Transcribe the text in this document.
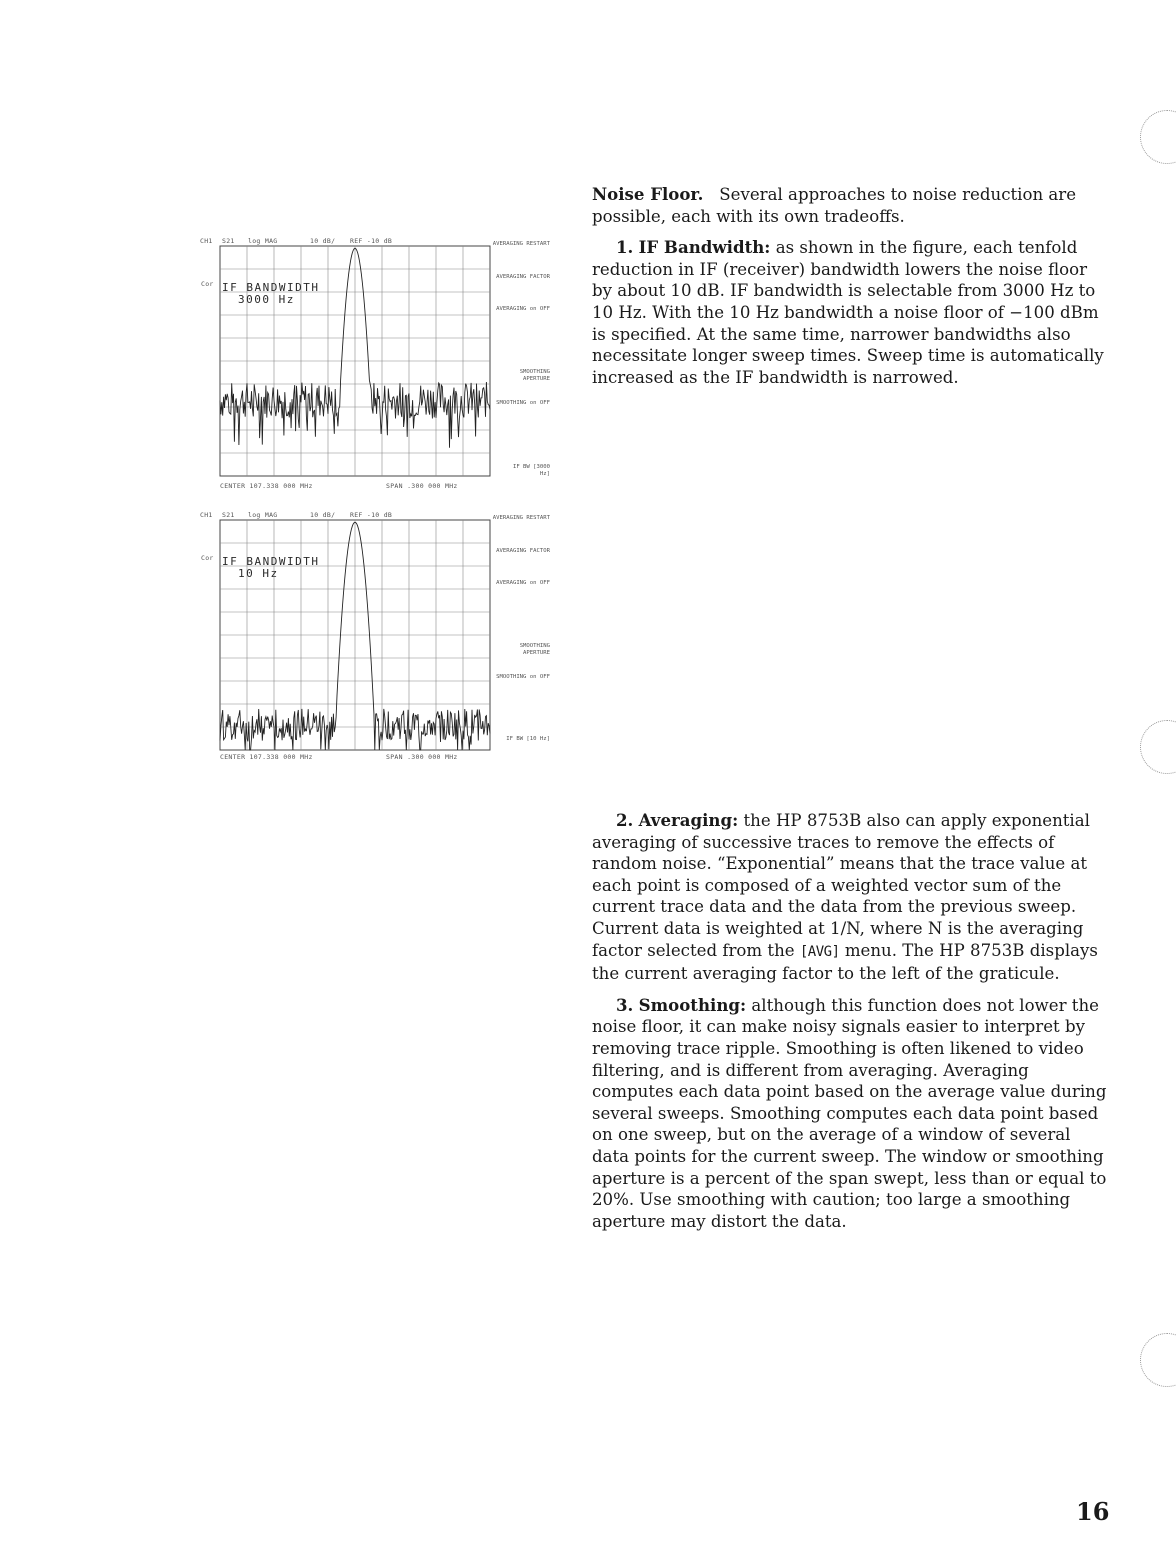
CH1 S21 log MAG	10 dB/ REF -10 dB
Cor IF BANDWIDTH
3000 Hz
CENTER 107.338 000 MHz	SPAN .300 000 MHz
AVERAGING RESTART
AVERAGING FACTOR
AVERAGING on OFF
SMOOTHING APERTURE
SMOOTHING on OFF
IF BW [3000 Hz]
CH1 S21 log MAG	10 dB/ REF -10 dB
Cor IF BANDWIDTH
10 Hz
CENTER 107.338 000 MHz	SPAN .300 000 MHz
AVERAGING RESTART
AVERAGING FACTOR
AVERAGING on OFF
SMOOTHING APERTURE
SMOOTHING on OFF
IF BW [10 Hz]

Noise Floor. Several approaches to noise reduction are possible, each with its own tradeoffs.

1. IF Bandwidth: as shown in the figure, each tenfold reduction in IF (receiver) bandwidth lowers the noise floor by about 10 dB. IF bandwidth is selectable from 3000 Hz to 10 Hz. With the 10 Hz bandwidth a noise floor of −100 dBm is specified. At the same time, narrower bandwidths also necessitate longer sweep times. Sweep time is automatically increased as the IF bandwidth is narrowed.

2. Averaging: the HP 8753B also can apply exponential averaging of successive traces to remove the effects of random noise. “Exponential” means that the trace value at each point is composed of a weighted vector sum of the current trace data and the data from the previous sweep. Current data is weighted at 1/N, where N is the averaging factor selected from the [AVG] menu. The HP 8753B displays the current averaging factor to the left of the graticule.

3. Smoothing: although this function does not lower the noise floor, it can make noisy signals easier to interpret by removing trace ripple. Smoothing is often likened to video filtering, and is different from averaging. Averaging computes each data point based on the average value during several sweeps. Smoothing computes each data point based on one sweep, but on the average of a window of several data points for the current sweep. The window or smoothing aperture is a percent of the span swept, less than or equal to 20%. Use smoothing with caution; too large a smoothing aperture may distort the data.

16
